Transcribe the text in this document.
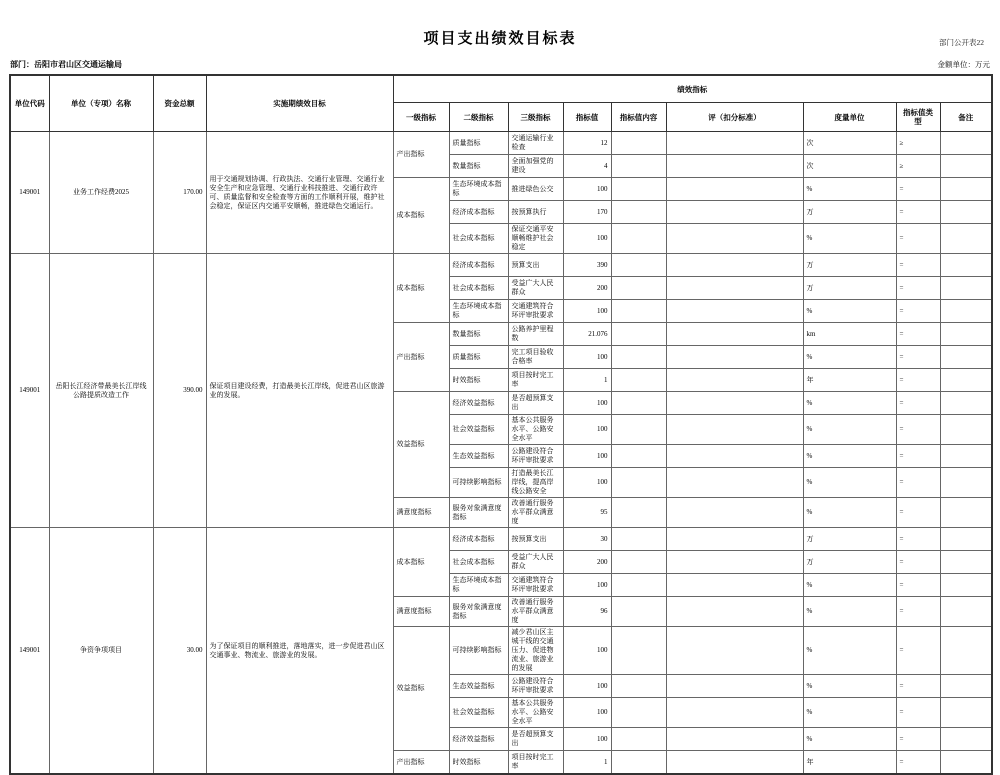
部门公开表22
项目支出绩效目标表
部门：岳阳市君山区交通运输局	金额单位：万元
单位代码	单位（专项）名称	资金总额	实施期绩效目标	绩效指标								
				一级指标	二级指标	三级指标	指标值	指标值内容	评（扣分标准）	度量单位	指标值类型	备注
149001	业务工作经费2025	170.00	用于交通规划协调、行政执法、交通行业管理、交通行业安全生产和应急管理、交通行业科技推进、交通行政许可、质量监督和安全检查等方面的工作顺利开展，维护社会稳定，保证区内交通平安顺畅，推进绿色交通运行。	产出指标	质量指标	交通运输行业检查	12			次	≥	
					数量指标	全面加强党的建设	4			次	≥	
				成本指标	生态环境成本指标	推进绿色公交	100			%	=	
					经济成本指标	按预算执行	170			万	=	
					社会成本指标	保证交通平安顺畅维护社会稳定	100			%	=	
149001	岳阳长江经济带最美长江岸线公路提质改造工作	390.00	保证项目建设经费，打造最美长江岸线，促进君山区旅游业的发展。	成本指标	经济成本指标	预算支出	390			万	=	
					社会成本指标	受益广大人民群众	200			万	=	
					生态环境成本指标	交通建筑符合环评审批要求	100			%	=	
				产出指标	数量指标	公路养护里程数	21.076			km	=	
					质量指标	完工项目验收合格率	100			%	=	
					时效指标	项目按时完工率	1			年	=	
				效益指标	经济效益指标	是否超预算支出	100			%	=	
					社会效益指标	基本公共服务水平、公路安全水平	100			%	=	
					生态效益指标	公路建设符合环评审批要求	100			%	=	
					可持续影响指标	打造最美长江岸线，提高岸线公路安全	100			%	=	
				满意度指标	服务对象满意度指标	改善通行服务水平群众满意度	95			%	=	
149001	争资争项项目	30.00	为了保证项目的顺利推进，落地落实，进一步促进君山区交通事业、物流业、旅游业的发展。	成本指标	经济成本指标	按预算支出	30			万	=	
					社会成本指标	受益广大人民群众	200			万	=	
					生态环境成本指标	交通建筑符合环评审批要求	100			%	=	
				满意度指标	服务对象满意度指标	改善通行服务水平群众满意度	96			%	=	
				效益指标	可持续影响指标	减少君山区主城干线的交通压力、促进物流业、旅游业的发展	100			%	=	
					生态效益指标	公路建设符合环评审批要求	100			%	=	
					社会效益指标	基本公共服务水平、公路安全水平	100			%	=	
					经济效益指标	是否超预算支出	100			%	=	
				产出指标	时效指标	项目按时完工率	1			年	=	
